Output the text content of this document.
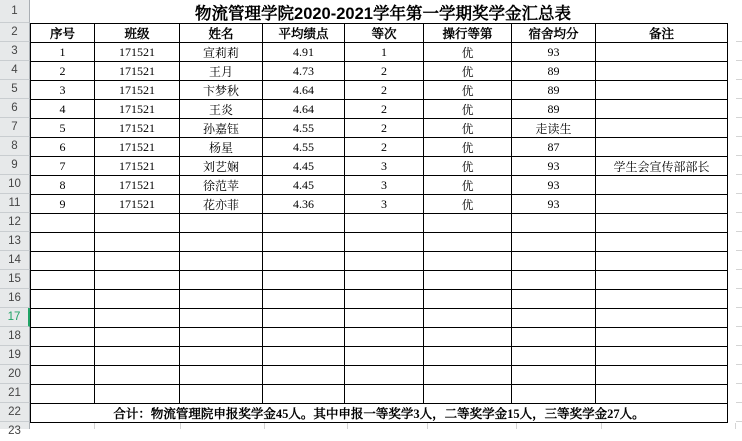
1
2
3
4
5
6
7
8
9
10
11
12
13
14
15
16
17
18
19
20
21
22
23
物流管理学院2020-2021学年第一学期奖学金汇总表
序号	班级	姓名	平均绩点	等次	操行等第	宿舍均分	备注
1	171521	宣莉莉	4.91	1	优	93	
2	171521	王月	4.73	2	优	89	
3	171521	卞梦秋	4.64	2	优	89	
4	171521	王炎	4.64	2	优	89	
5	171521	孙嘉钰	4.55	2	优	走读生	
6	171521	杨星	4.55	2	优	87	
7	171521	刘艺娴	4.45	3	优	93	学生会宣传部部长
8	171521	徐范苹	4.45	3	优	93	
9	171521	花亦菲	4.36	3	优	93	

合计：物流管理院申报奖学金45人。其中申报一等奖学3人，二等奖学金15人，三等奖学金27人。							
